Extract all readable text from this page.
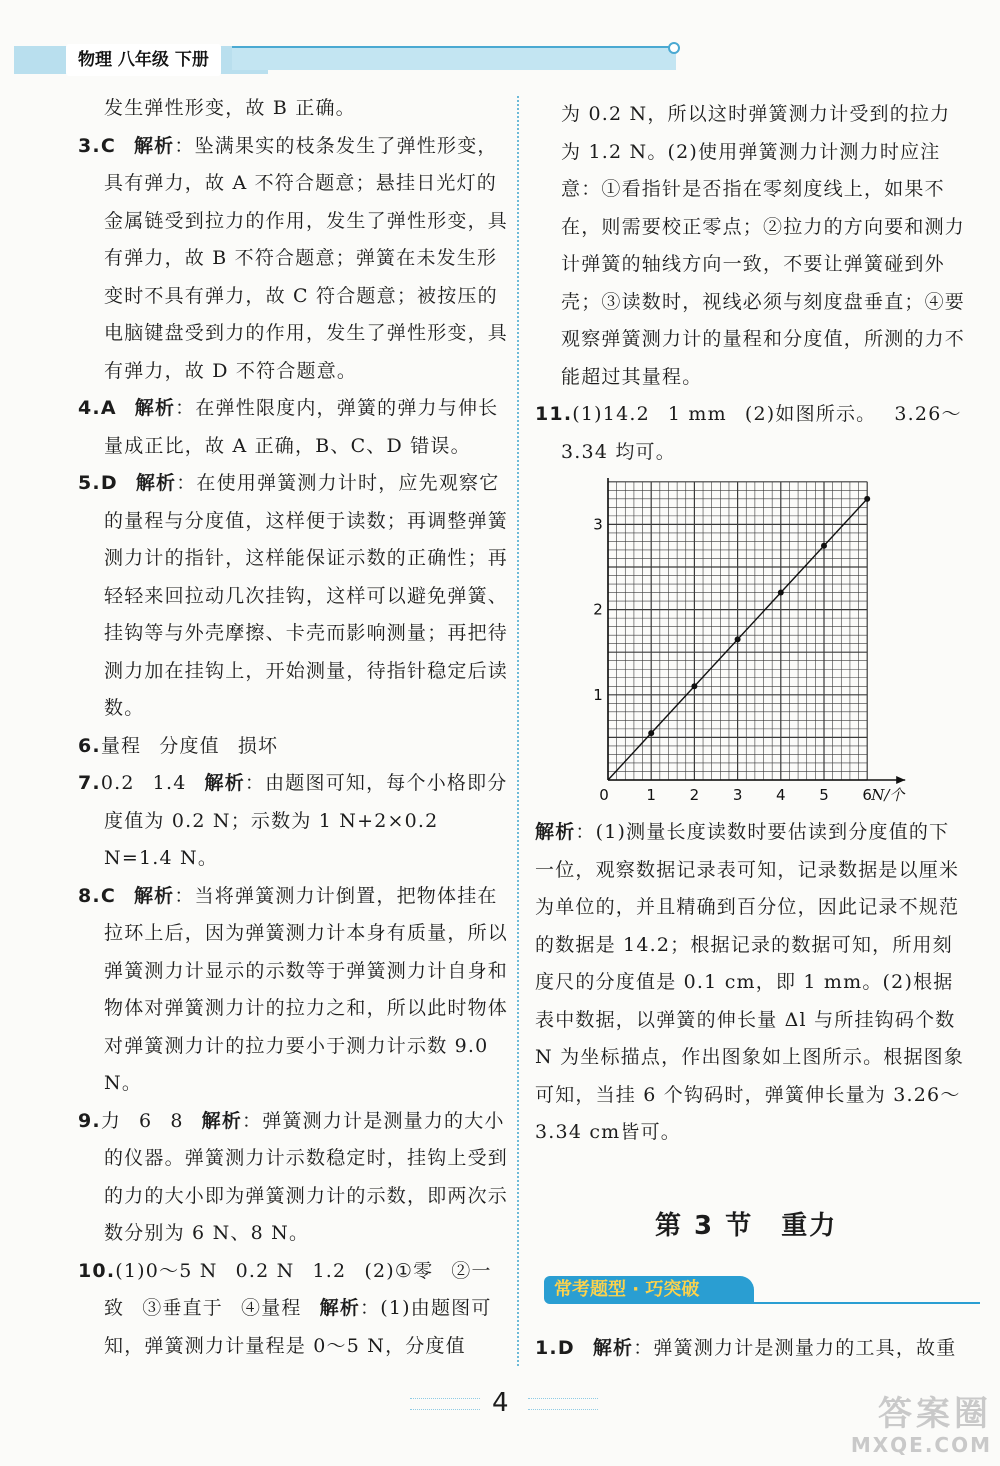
物理 八年级 下册

发生弹性形变，故 B 正确。

3.C 解析：坠满果实的枝条发生了弹性形变，具有弹力，故 A 不符合题意；悬挂日光灯的金属链受到拉力的作用，发生了弹性形变，具有弹力，故 B 不符合题意；弹簧在未发生形变时不具有弹力，故 C 符合题意；被按压的电脑键盘受到力的作用，发生了弹性形变，具有弹力，故 D 不符合题意。

4.A 解析：在弹性限度内，弹簧的弹力与伸长量成正比，故 A 正确，B、C、D 错误。

5.D 解析：在使用弹簧测力计时，应先观察它的量程与分度值，这样便于读数；再调整弹簧测力计的指针，这样能保证示数的正确性；再轻轻来回拉动几次挂钩，这样可以避免弹簧、挂钩等与外壳摩擦、卡壳而影响测量；再把待测力加在挂钩上，开始测量，待指针稳定后读数。

6.量程 分度值 损坏

7.0.2 1.4 解析：由题图可知，每个小格即分度值为 0.2 N；示数为 1 N+2×0.2 N=1.4 N。

8.C 解析：当将弹簧测力计倒置，把物体挂在拉环上后，因为弹簧测力计本身有质量，所以弹簧测力计显示的示数等于弹簧测力计自身和物体对弹簧测力计的拉力之和，所以此时物体对弹簧测力计的拉力要小于测力计示数 9.0 N。

9.力 6 8 解析：弹簧测力计是测量力的大小的仪器。弹簧测力计示数稳定时，挂钩上受到的力的大小即为弹簧测力计的示数，即两次示数分别为 6 N、8 N。

10.(1)0～5 N 0.2 N 1.2 (2)①零 ②一致 ③垂直于 ④量程 解析：(1)由题图可知，弹簧测力计量程是 0～5 N，分度值

为 0.2 N，所以这时弹簧测力计受到的拉力为 1.2 N。(2)使用弹簧测力计测力时应注意：①看指针是否指在零刻度线上，如果不在，则需要校正零点；②拉力的方向要和测力计弹簧的轴线方向一致，不要让弹簧碰到外壳；③读数时，视线必须与刻度盘垂直；④要观察弹簧测力计的量程和分度值，所测的力不能超过其量程。

11.(1)14.2 1 mm (2)如图所示。 3.26～3.34 均可。

0	1 2 3 4 5 6
1
2
3
N/个

解析：(1)测量长度读数时要估读到分度值的下一位，观察数据记录表可知，记录数据是以厘米为单位的，并且精确到百分位，因此记录不规范的数据是 14.2；根据记录的数据可知，所用刻度尺的分度值是 0.1 cm，即 1 mm。(2)根据表中数据，以弹簧的伸长量 Δl 与所挂钩码个数 N 为坐标描点，作出图象如上图所示。根据图象可知，当挂 6 个钩码时，弹簧伸长量为 3.26～3.34 cm皆可。

第 3 节　重力
常考题型 · 巧突破

1.D 解析：弹簧测力计是测量力的工具，故重

4	答案圈
MXQE.COM
